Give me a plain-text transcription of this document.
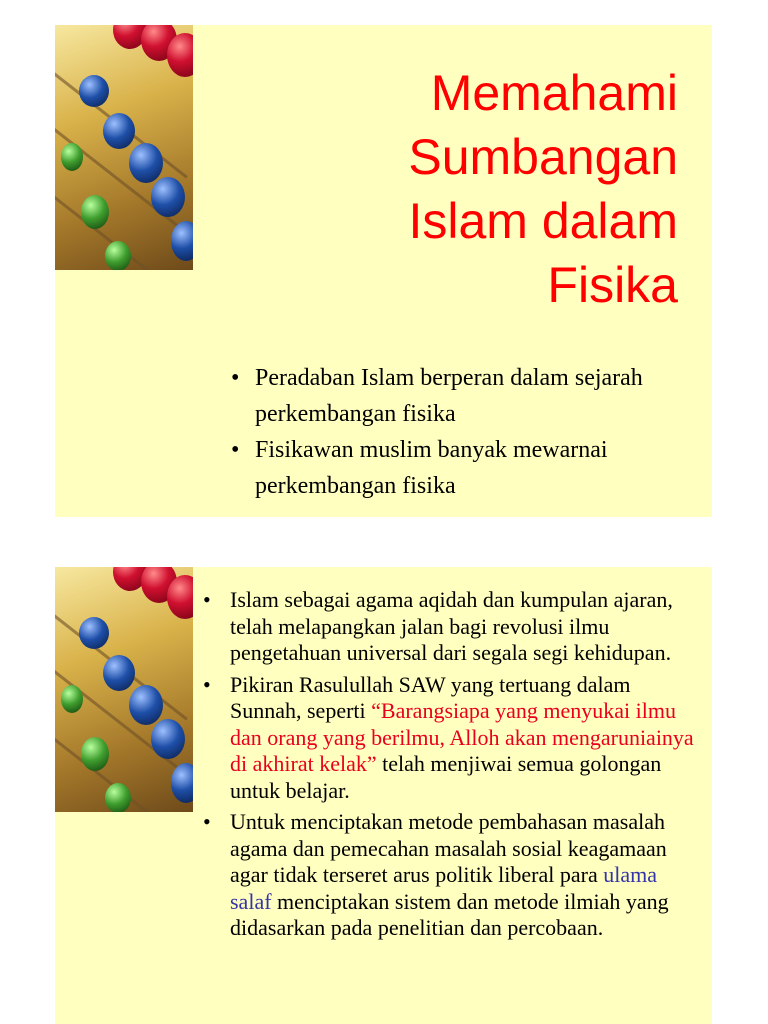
Memahami
Sumbangan
Islam dalam
Fisika
• Peradaban Islam berperan dalam sejarah perkembangan fisika
• Fisikawan muslim banyak mewarnai perkembangan fisika
• Islam sebagai agama aqidah dan kumpulan ajaran, telah melapangkan jalan bagi revolusi ilmu pengetahuan universal dari segala segi kehidupan.
• Pikiran Rasulullah SAW yang tertuang dalam Sunnah, seperti “Barangsiapa yang menyukai ilmu dan orang yang berilmu, Alloh akan mengaruniainya di akhirat kelak” telah menjiwai semua golongan untuk belajar.
• Untuk menciptakan metode pembahasan masalah agama dan pemecahan masalah sosial keagamaan agar tidak terseret arus politik liberal para ulama salaf menciptakan sistem dan metode ilmiah yang didasarkan pada penelitian dan percobaan.
